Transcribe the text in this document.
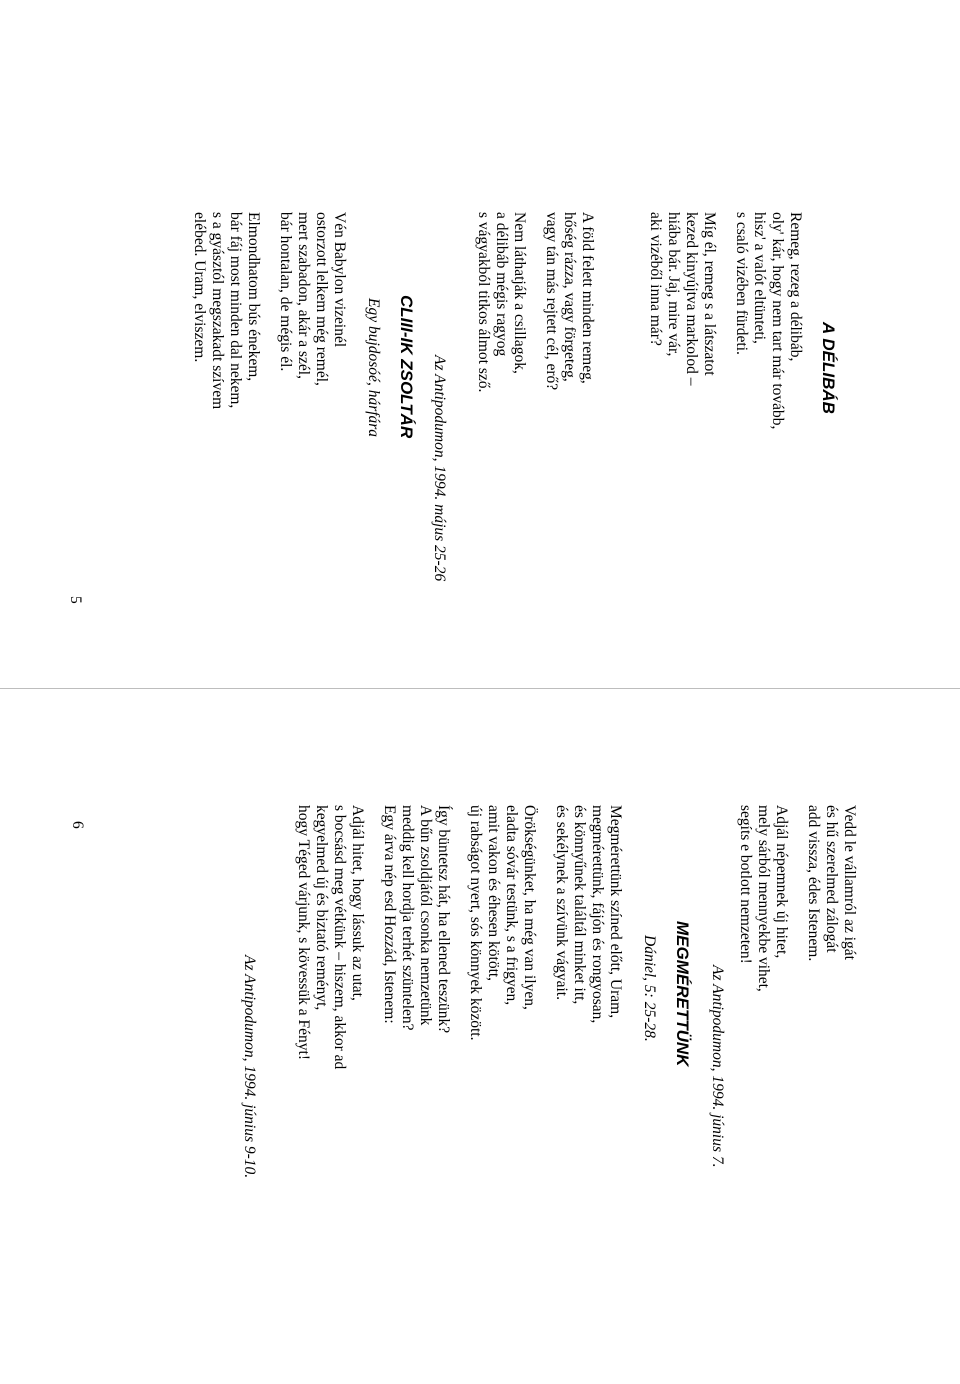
A DÉLIBÁB
Remeg, rezeg a délibáb,
oly' kár, hogy nem tart már tovább,
hisz' a valót eltünteti,
s csaló vizében fürdeti.
Míg él, remeg s a látszatot
kezed kinyújtva markolod –
hiába bár. Jaj, mire vár,
aki vizéből inna már?
A föld felett minden remeg,
hőség rázza, vagy förgeteg,
vagy tán más rejtett cél, erő?
Nem láthatják a csillagok,
a délibáb mégis ragyog
s vágyakból titkos álmot sző.
Az Antipodumon, 1994. május 25-26
CLIII-IK ZSOLTÁR
Egy bujdosóé, hárfára
Vén Babylon vizeinél
ostorzott lelkem még remél,
mert szabadon, akár a szél,
bár hontalan, de mégis él.
Elmondhatom bús énekem,
bár fáj most minden dal nekem,
s a gyásztól megszakadt szívem
elébed. Uram, elviszem.
5
Vedd le vállamról az igát
és hű szerelmed zálogát
add vissza, édes Istenem.
Adjál népemnek új hitet,
mely sárból mennyekbe vihet,
segíts e botlott nemzeten!
Az Antipodumon, 1994. június 7.
MEGMÉRETTÜNK
Dániel, 5: 25-28.
Megmérettünk színed előtt, Uram,
megmérettünk, fájón és rongyosan,
és könnyűnek találtál minket itt,
és sekélynek a szívünk vágyait.
Örökségünket, ha még van ilyen,
eladta sóvár testünk, s a frigyen,
amit vakon és éhesen kötött,
új rabságot nyert, sós könnyek között.
Így büntetsz hát, ha ellened teszünk?
A bűn zsoldjától csonka nemzetünk
meddig kell hordja terhét szüntelen?
Egy árva nép esd Hozzád, Istenem:
Adjál hitet, hogy lássuk az utat,
s bocsásd meg vétkünk – hiszem, akkor ad
kegyelmed új és biztató reményt,
hogy Téged várjunk, s kövessük a Fényt!
Az Antipodumon, 1994. június 9-10.
6
